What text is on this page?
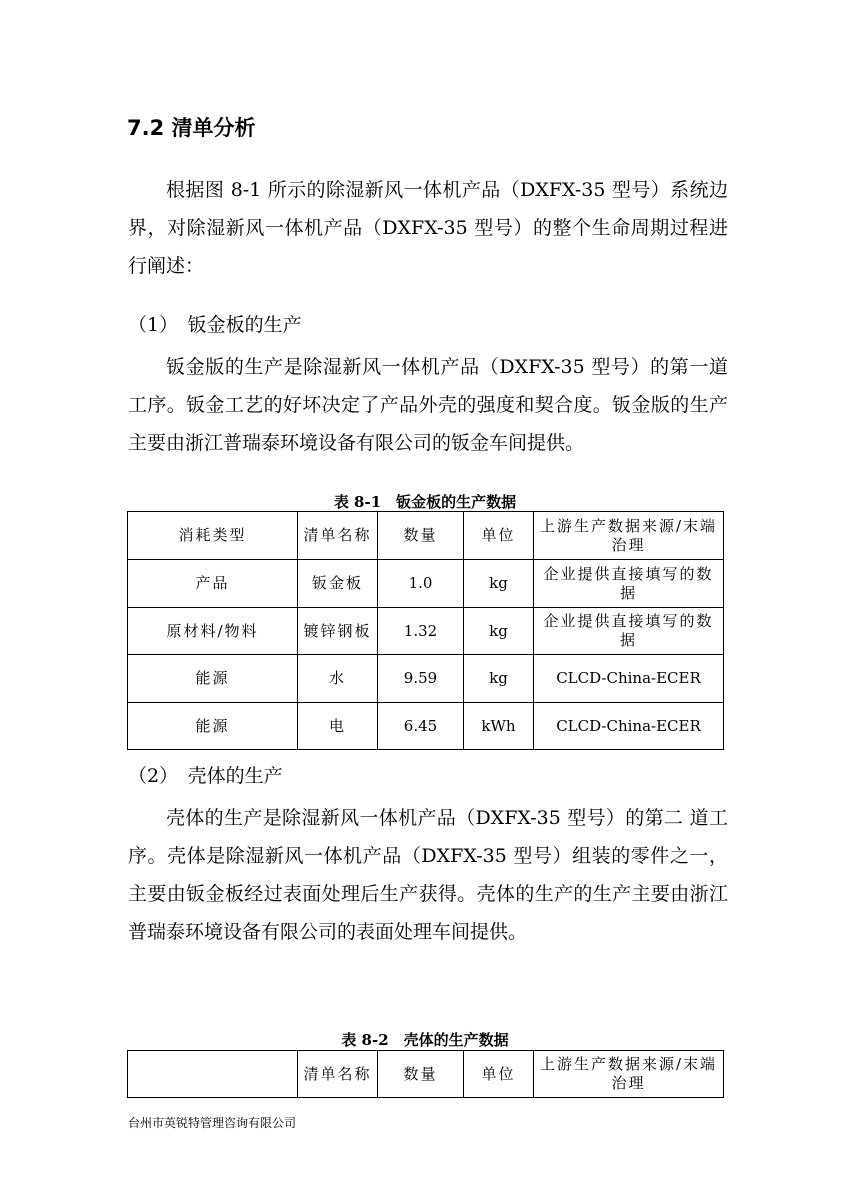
7.2 清单分析

根据图 8-1 所示的除湿新风一体机产品（DXFX-35 型号）系统边界，对除湿新风一体机产品（DXFX-35 型号）的整个生命周期过程进行阐述：

（1）　钣金板的生产

钣金版的生产是除湿新风一体机产品（DXFX-35 型号）的第一道工序。钣金工艺的好坏决定了产品外壳的强度和契合度。钣金版的生产主要由浙江普瑞泰环境设备有限公司的钣金车间提供。

表 8-1　钣金板的生产数据
消耗类型	清单名称	数量	单位	上游生产数据来源/末端治理
产品	钣金板	1.0	kg	企业提供直接填写的数据
原材料/物料	镀锌钢板	1.32	kg	企业提供直接填写的数据
能源	水	9.59	kg	CLCD-China-ECER
能源	电	6.45	kWh	CLCD-China-ECER
（2）　壳体的生产

壳体的生产是除湿新风一体机产品（DXFX-35 型号）的第二 道工序。壳体是除湿新风一体机产品（DXFX-35 型号）组装的零件之一，主要由钣金板经过表面处理后生产获得。壳体的生产的生产主要由浙江普瑞泰环境设备有限公司的表面处理车间提供。

表 8-2　壳体的生产数据
	清单名称	数量	单位	上游生产数据来源/末端治理
台州市英锐特管理咨询有限公司
